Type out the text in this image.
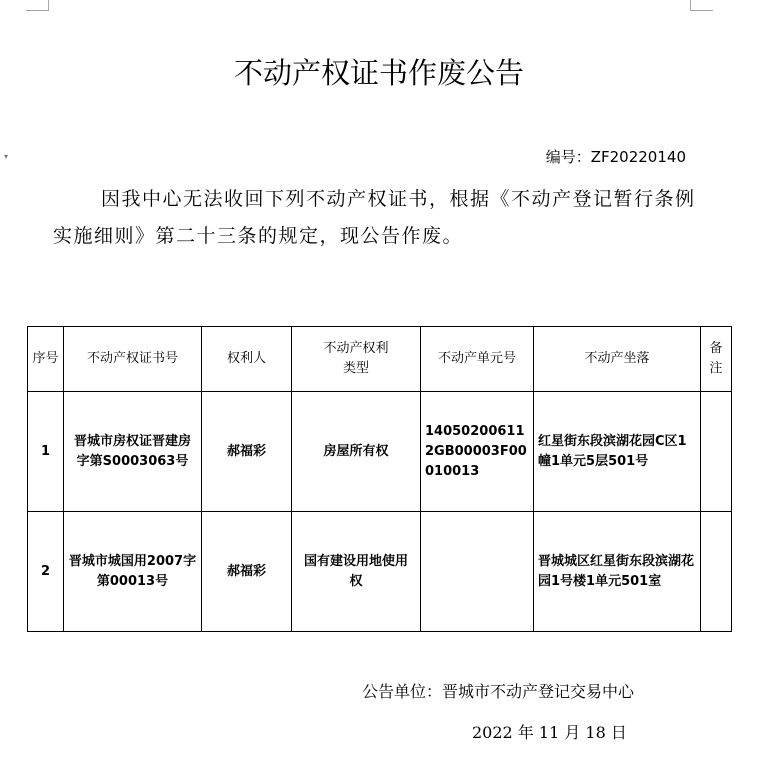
▾
不动产权证书作废公告
编号：ZF20220140
因我中心无法收回下列不动产权证书，根据《不动产登记暂行条例实施细则》第二十三条的规定，现公告作废。
序号	不动产权证书号	权利人	不动产权利类型	不动产单元号	不动产坐落	备注
1	晋城市房权证晋建房字第S0003063号	郝福彩	房屋所有权	140502006112GB00003F00010013	红星街东段滨湖花园C区1幢1单元5层501号	
2	晋城市城国用2007字第00013号	郝福彩	国有建设用地使用权		晋城城区红星街东段滨湖花园1号楼1单元501室	
公告单位：晋城市不动产登记交易中心
2022 年 11 月 18 日
